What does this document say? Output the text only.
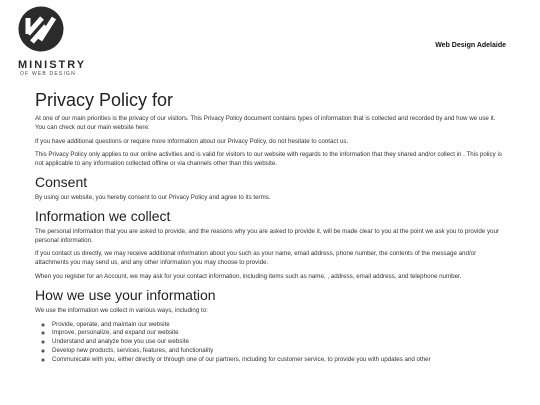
MINISTRY
OF WEB DESIGN
Web Design Adelaide
Privacy Policy for

At one of our main priorities is the privacy of our visitors. This Privacy Policy document contains types of information that is collected and recorded by and how we use it. You can check out our main website here:

If you have additional questions or require more information about our Privacy Policy, do not hesitate to contact us.

This Privacy Policy only applies to our online activities and is valid for visitors to our website with regards to the information that they shared and/or collect in . This policy is not applicable to any information collected offline or via channels other than this website.

Consent

By using our website, you hereby consent to our Privacy Policy and agree to its terms.

Information we collect

The personal information that you are asked to provide, and the reasons why you are asked to provide it, will be made clear to you at the point we ask you to provide your personal information.

If you contact us directly, we may receive additional information about you such as your name, email address, phone number, the contents of the message and/or attachments you may send us, and any other information you may choose to provide.

When you register for an Account, we may ask for your contact information, including items such as name, , address, email address, and telephone number.

How we use your information

We use the information we collect in various ways, including to:

◦ Provide, operate, and maintain our website
◦ Improve, personalize, and expand our website
◦ Understand and analyze how you use our website
◦ Develop new products, services, features, and functionality
◦ Communicate with you, either directly or through one of our partners, including for customer service, to provide you with updates and other
